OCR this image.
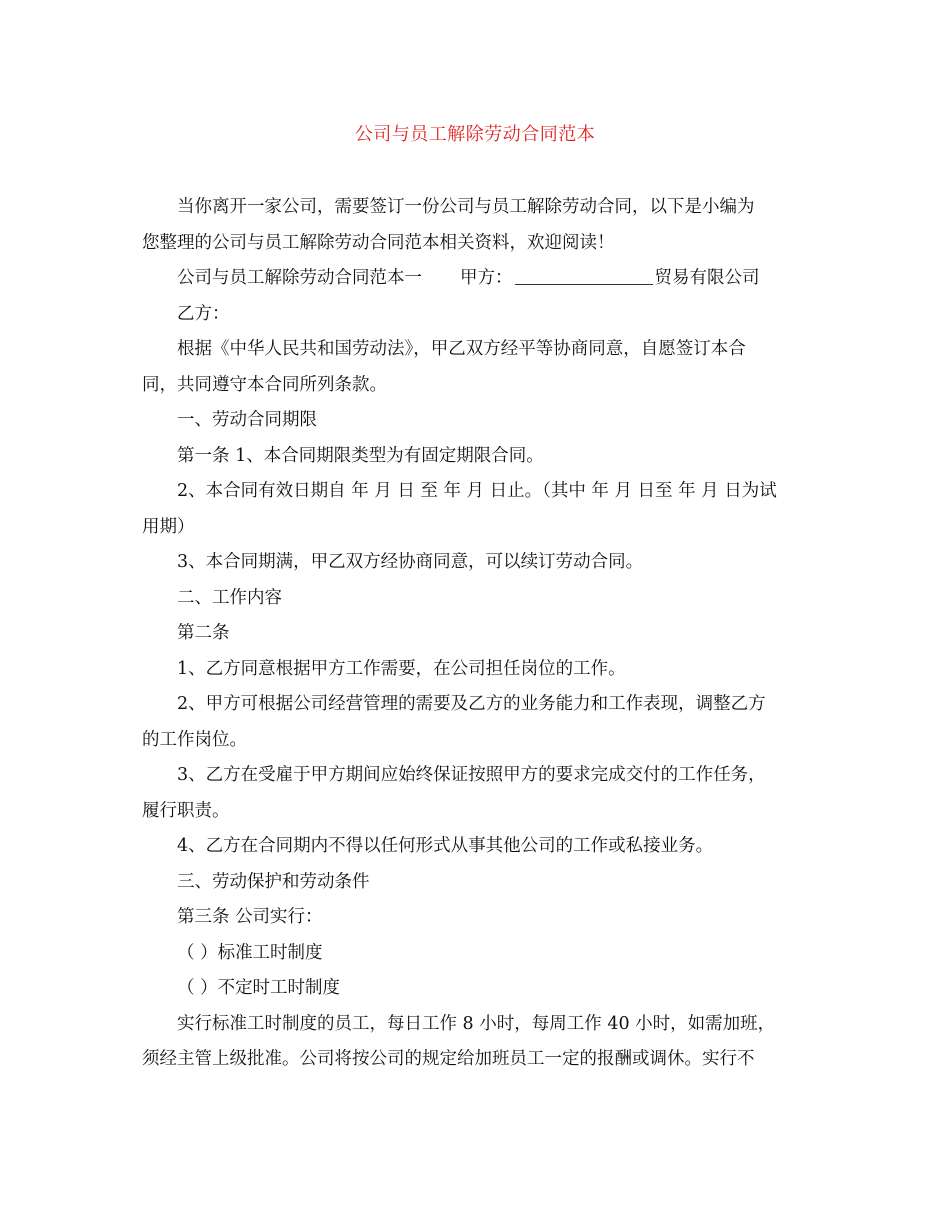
公司与员工解除劳动合同范本

当你离开一家公司，需要签订一份公司与员工解除劳动合同，以下是小编为

您整理的公司与员工解除劳动合同范本相关资料，欢迎阅读！

公司与员工解除劳动合同范本一 甲方：	贸易有限公司

乙方：

根据《中华人民共和国劳动法》，甲乙双方经平等协商同意，自愿签订本合

同，共同遵守本合同所列条款。

一、劳动合同期限

第一条 1、本合同期限类型为有固定期限合同。

2、本合同有效日期自 年 月 日 至 年 月 日止。（其中 年 月 日至 年 月 日为试

用期）

3、本合同期满，甲乙双方经协商同意，可以续订劳动合同。

二、工作内容

第二条

1、乙方同意根据甲方工作需要，在公司担任岗位的工作。

2、甲方可根据公司经营管理的需要及乙方的业务能力和工作表现，调整乙方

的工作岗位。

3、乙方在受雇于甲方期间应始终保证按照甲方的要求完成交付的工作任务，

履行职责。

4、乙方在合同期内不得以任何形式从事其他公司的工作或私接业务。

三、劳动保护和劳动条件

第三条 公司实行：

（ ）标准工时制度

（ ）不定时工时制度

实行标准工时制度的员工，每日工作 8 小时，每周工作 40 小时，如需加班，

须经主管上级批准。公司将按公司的规定给加班员工一定的报酬或调休。实行不
